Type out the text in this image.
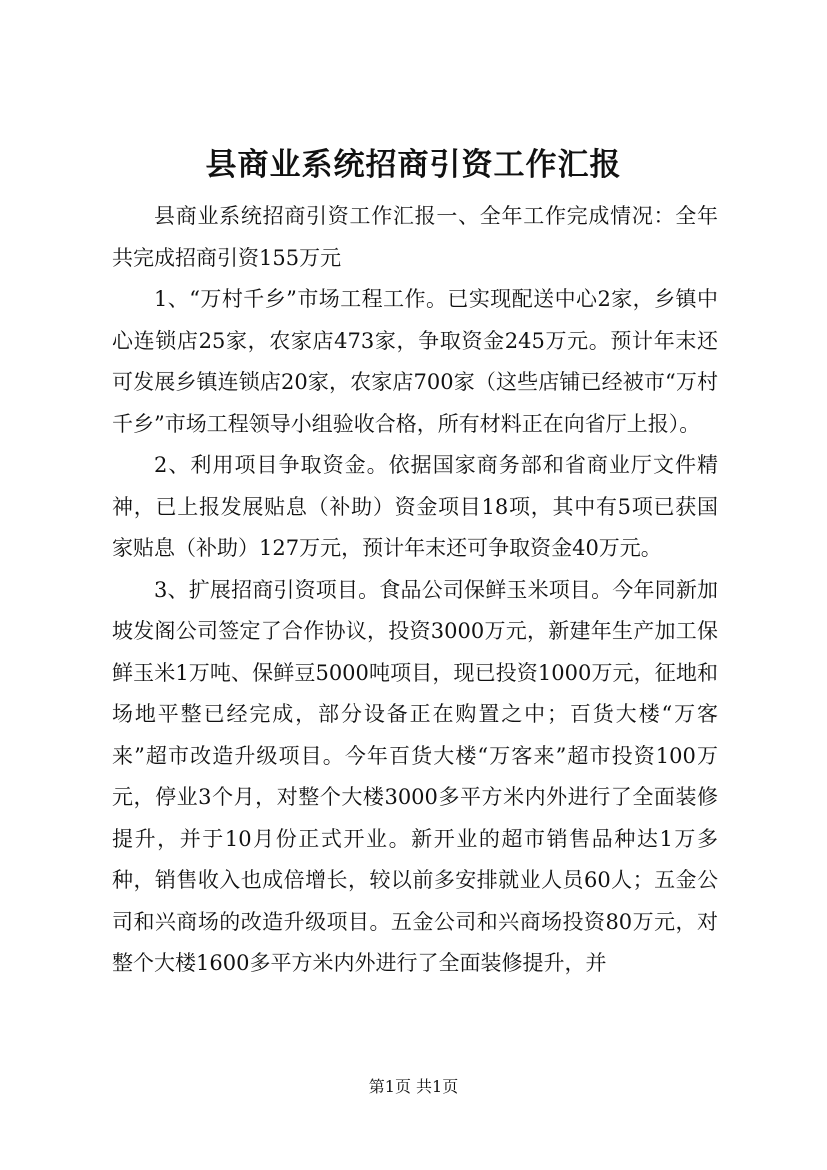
县商业系统招商引资工作汇报

县商业系统招商引资工作汇报一、全年工作完成情况：全年共完成招商引资155万元

1、“万村千乡”市场工程工作。已实现配送中心2家，乡镇中心连锁店25家，农家店473家，争取资金245万元。预计年末还可发展乡镇连锁店20家，农家店700家（这些店铺已经被市“万村千乡”市场工程领导小组验收合格，所有材料正在向省厅上报）。

2、利用项目争取资金。依据国家商务部和省商业厅文件精神，已上报发展贴息（补助）资金项目18项，其中有5项已获国家贴息（补助）127万元，预计年末还可争取资金40万元。

3、扩展招商引资项目。食品公司保鲜玉米项目。今年同新加坡发阁公司签定了合作协议，投资3000万元，新建年生产加工保鲜玉米1万吨、保鲜豆5000吨项目，现已投资1000万元，征地和场地平整已经完成，部分设备正在购置之中；百货大楼“万客来”超市改造升级项目。今年百货大楼“万客来”超市投资100万元，停业3个月，对整个大楼3000多平方米内外进行了全面装修提升，并于10月份正式开业。新开业的超市销售品种达1万多种，销售收入也成倍增长，较以前多安排就业人员60人；五金公司和兴商场的改造升级项目。五金公司和兴商场投资80万元，对整个大楼1600多平方米内外进行了全面装修提升，并

第1页 共1页
